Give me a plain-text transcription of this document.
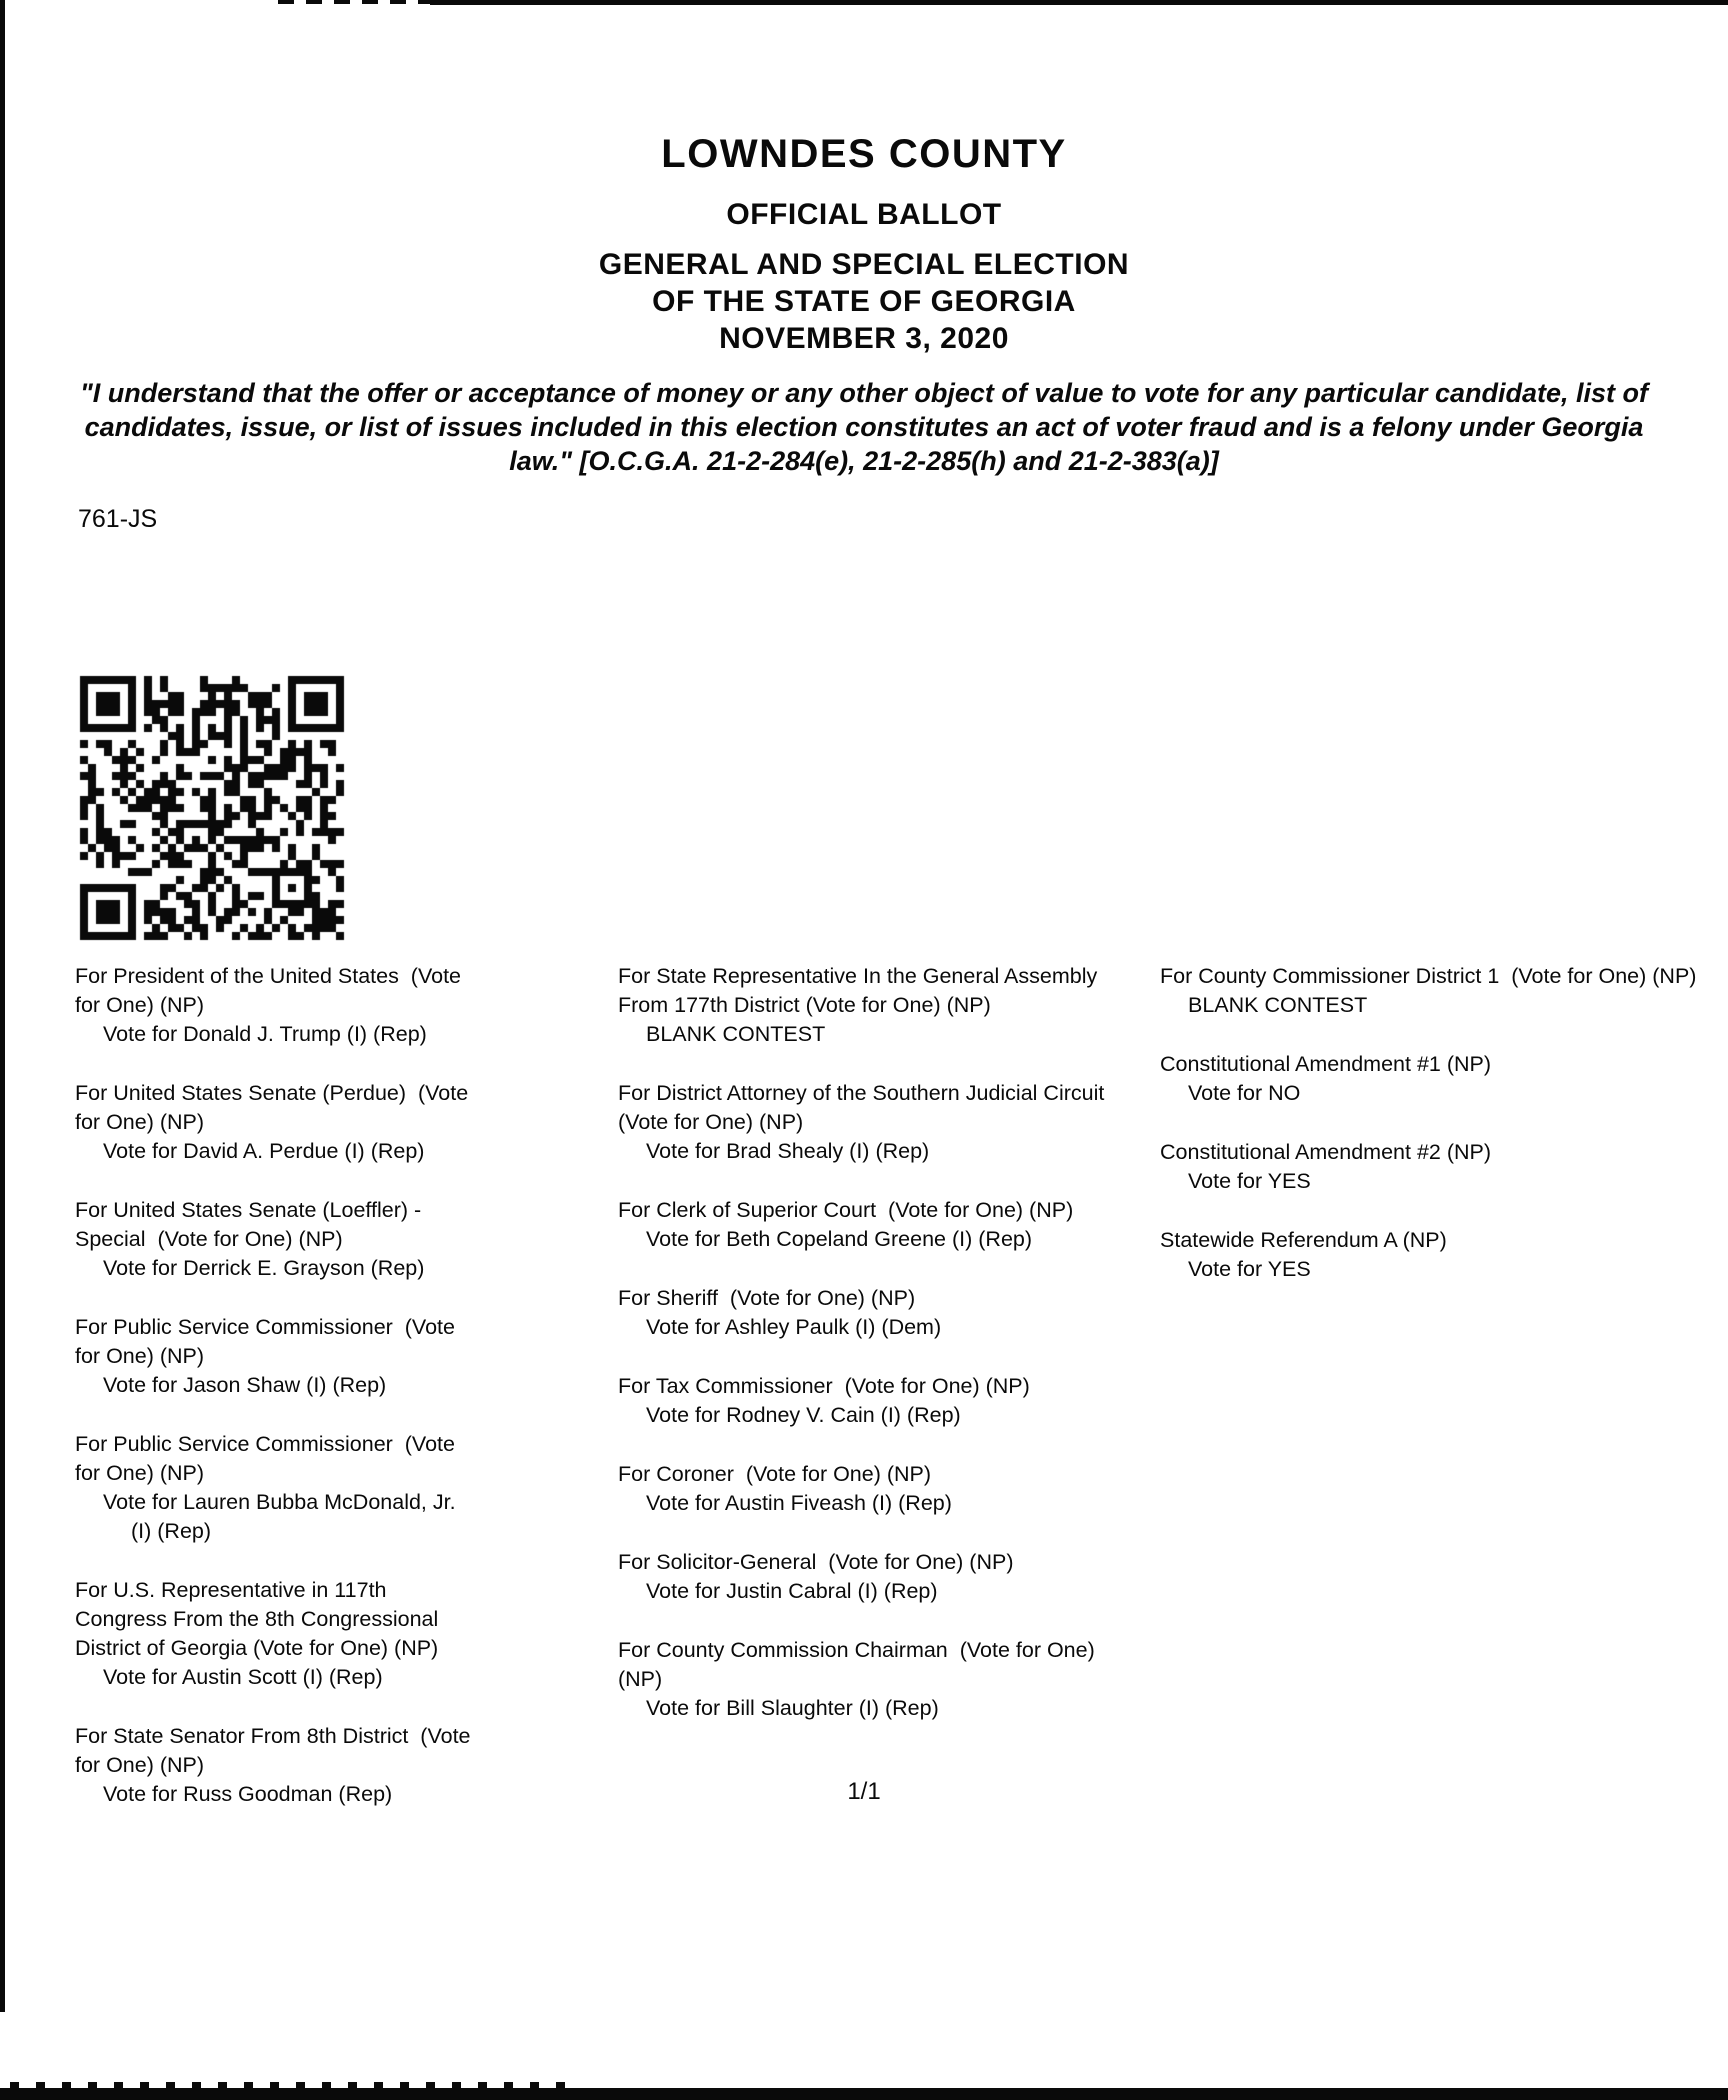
LOWNDES COUNTY
OFFICIAL BALLOT
GENERAL AND SPECIAL ELECTION
OF THE STATE OF GEORGIA
NOVEMBER 3, 2020
"I understand that the offer or acceptance of money or any other object of value to vote for any particular candidate, list of candidates, issue, or list of issues included in this election constitutes an act of voter fraud and is a felony under Georgia law." [O.C.G.A. 21-2-284(e), 21-2-285(h) and 21-2-383(a)]
761-JS
For President of the United States  (Vote for One) (NP)
Vote for Donald J. Trump (I) (Rep)
For United States Senate (Perdue)  (Vote for One) (NP)
Vote for David A. Perdue (I) (Rep)
For United States Senate (Loeffler) - Special  (Vote for One) (NP)
Vote for Derrick E. Grayson (Rep)
For Public Service Commissioner  (Vote for One) (NP)
Vote for Jason Shaw (I) (Rep)
For Public Service Commissioner  (Vote for One) (NP)
Vote for Lauren Bubba McDonald, Jr. (I) (Rep)
For U.S. Representative in 117th Congress From the 8th Congressional District of Georgia (Vote for One) (NP)
Vote for Austin Scott (I) (Rep)
For State Senator From 8th District  (Vote for One) (NP)
Vote for Russ Goodman (Rep)
For State Representative In the General Assembly From 177th District (Vote for One) (NP)
BLANK CONTEST
For District Attorney of the Southern Judicial Circuit  (Vote for One) (NP)
Vote for Brad Shealy (I) (Rep)
For Clerk of Superior Court  (Vote for One) (NP)
Vote for Beth Copeland Greene (I) (Rep)
For Sheriff  (Vote for One) (NP)
Vote for Ashley Paulk (I) (Dem)
For Tax Commissioner  (Vote for One) (NP)
Vote for Rodney V. Cain (I) (Rep)
For Coroner  (Vote for One) (NP)
Vote for Austin Fiveash (I) (Rep)
For Solicitor-General  (Vote for One) (NP)
Vote for Justin Cabral (I) (Rep)
For County Commission Chairman  (Vote for One) (NP)
Vote for Bill Slaughter (I) (Rep)
For County Commissioner District 1  (Vote for One) (NP)
BLANK CONTEST
Constitutional Amendment #1 (NP)
Vote for NO
Constitutional Amendment #2 (NP)
Vote for YES
Statewide Referendum A (NP)
Vote for YES
1/1
